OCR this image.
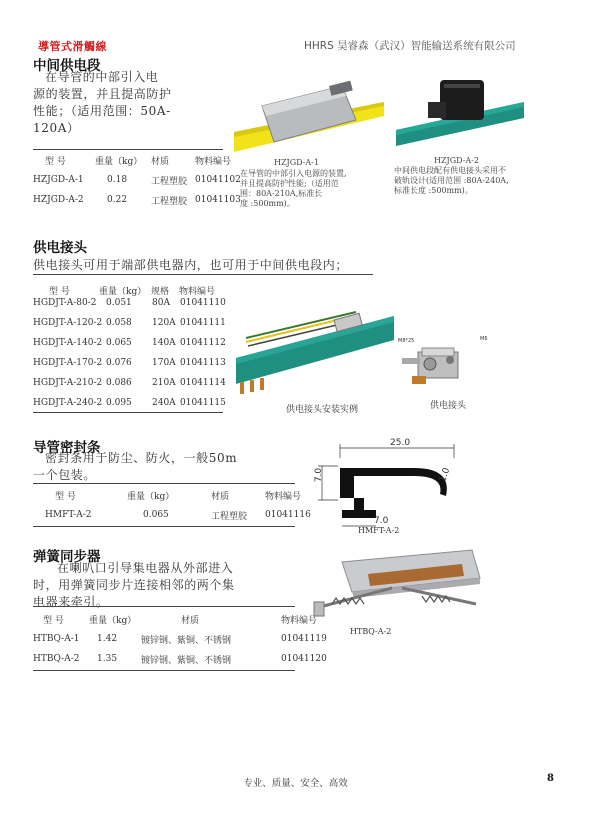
導管式滑觸線	HHRS 昊睿森（武汉）智能输送系统有限公司
中间供电段
在导管的中部引入电
源的装置，并且提高防护
性能；（适用范围：50A-
120A）
型 号	重量（kg）	材质	物料编号
HZJGD-A-1	0.18	工程塑胶	01041102
HZJGD-A-2	0.22	工程塑胶	01041103
HZJGD-A-1
在导管的中部引入电源的装置,
并且提高防护性能;（适用范
围：80A-210A,标准长
度 :500mm)。
HZJGD-A-2
中间供电段配有供电接头采用不
破轨设计(适用范围 :80A-240A,
标准长度 :500mm)。
供电接头
供电接头可用于端部供电器内，也可用于中间供电段内；
型 号	重量（kg）	规格	物料编号
HGDJT-A-80-2	0.051	80A	01041110
HGDJT-A-120-2	0.058	120A	01041111
HGDJT-A-140-2	0.065	140A	01041112
HGDJT-A-170-2	0.076	170A	01041113
HGDJT-A-210-2	0.086	210A	01041114
HGDJT-A-240-2	0.095	240A	01041115
供电接头安装实例
M8*25	M6
供电接头
导管密封条
密封条用于防尘、防火，一般50m
一个包装。
型 号	重量（kg）	材质	物料编号
HMFT-A-2	0.065	工程塑胶	01041116
25.0
7.0	1.0
7.0
HMFT-A-2
弹簧同步器
在喇叭口引导集电器从外部进入
时，用弹簧同步片连接相邻的两个集
电器来牵引。
型 号	重量（kg）	材质	物料编号
HTBQ-A-1	1.42	镀锌钢、紫铜、不锈钢	01041119
HTBQ-A-2	1.35	镀锌钢、紫铜、不锈钢	01041120
HTBQ-A-2
专业、质量、安全、高效	8
